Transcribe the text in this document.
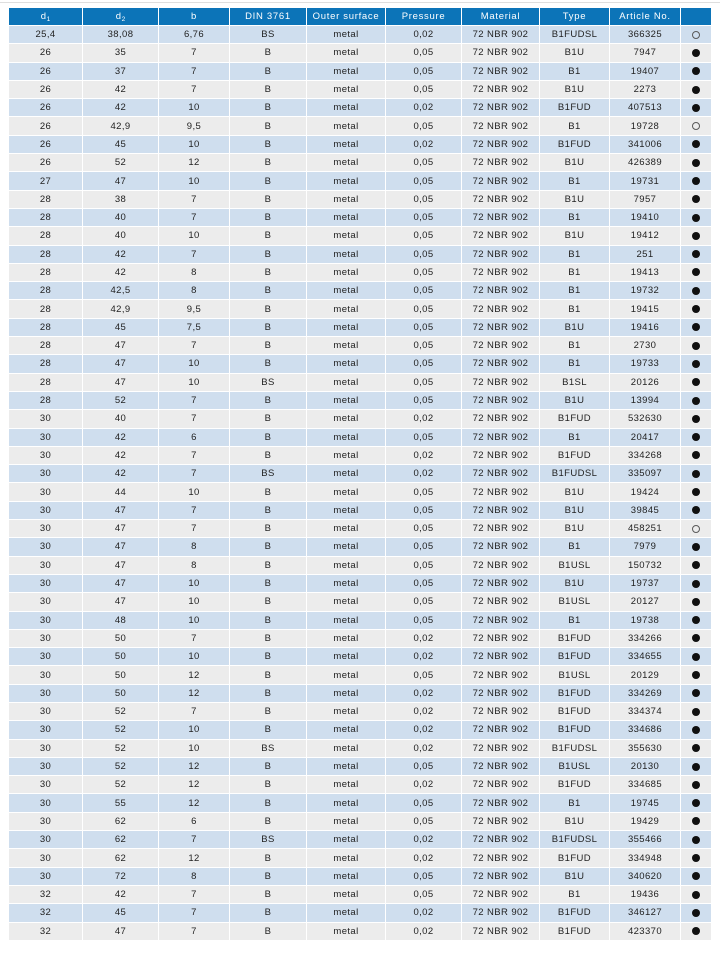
$d_1$	$d_2$	b	DIN 3761	Outer surface	Pressure	Material	Type	Article No.	
25,4	38,08	6,76	BS	metal	0,02	72 NBR 902	B1FUDSL	366325	
26	35	7	B	metal	0,05	72 NBR 902	B1U	7947	
26	37	7	B	metal	0,05	72 NBR 902	B1	19407	
26	42	7	B	metal	0,05	72 NBR 902	B1U	2273	
26	42	10	B	metal	0,02	72 NBR 902	B1FUD	407513	
26	42,9	9,5	B	metal	0,05	72 NBR 902	B1	19728	
26	45	10	B	metal	0,02	72 NBR 902	B1FUD	341006	
26	52	12	B	metal	0,05	72 NBR 902	B1U	426389	
27	47	10	B	metal	0,05	72 NBR 902	B1	19731	
28	38	7	B	metal	0,05	72 NBR 902	B1U	7957	
28	40	7	B	metal	0,05	72 NBR 902	B1	19410	
28	40	10	B	metal	0,05	72 NBR 902	B1U	19412	
28	42	7	B	metal	0,05	72 NBR 902	B1	251	
28	42	8	B	metal	0,05	72 NBR 902	B1	19413	
28	42,5	8	B	metal	0,05	72 NBR 902	B1	19732	
28	42,9	9,5	B	metal	0,05	72 NBR 902	B1	19415	
28	45	7,5	B	metal	0,05	72 NBR 902	B1U	19416	
28	47	7	B	metal	0,05	72 NBR 902	B1	2730	
28	47	10	B	metal	0,05	72 NBR 902	B1	19733	
28	47	10	BS	metal	0,05	72 NBR 902	B1SL	20126	
28	52	7	B	metal	0,05	72 NBR 902	B1U	13994	
30	40	7	B	metal	0,02	72 NBR 902	B1FUD	532630	
30	42	6	B	metal	0,05	72 NBR 902	B1	20417	
30	42	7	B	metal	0,02	72 NBR 902	B1FUD	334268	
30	42	7	BS	metal	0,02	72 NBR 902	B1FUDSL	335097	
30	44	10	B	metal	0,05	72 NBR 902	B1U	19424	
30	47	7	B	metal	0,05	72 NBR 902	B1U	39845	
30	47	7	B	metal	0,05	72 NBR 902	B1U	458251	
30	47	8	B	metal	0,05	72 NBR 902	B1	7979	
30	47	8	B	metal	0,05	72 NBR 902	B1USL	150732	
30	47	10	B	metal	0,05	72 NBR 902	B1U	19737	
30	47	10	B	metal	0,05	72 NBR 902	B1USL	20127	
30	48	10	B	metal	0,05	72 NBR 902	B1	19738	
30	50	7	B	metal	0,02	72 NBR 902	B1FUD	334266	
30	50	10	B	metal	0,02	72 NBR 902	B1FUD	334655	
30	50	12	B	metal	0,05	72 NBR 902	B1USL	20129	
30	50	12	B	metal	0,02	72 NBR 902	B1FUD	334269	
30	52	7	B	metal	0,02	72 NBR 902	B1FUD	334374	
30	52	10	B	metal	0,02	72 NBR 902	B1FUD	334686	
30	52	10	BS	metal	0,02	72 NBR 902	B1FUDSL	355630	
30	52	12	B	metal	0,05	72 NBR 902	B1USL	20130	
30	52	12	B	metal	0,02	72 NBR 902	B1FUD	334685	
30	55	12	B	metal	0,05	72 NBR 902	B1	19745	
30	62	6	B	metal	0,05	72 NBR 902	B1U	19429	
30	62	7	BS	metal	0,02	72 NBR 902	B1FUDSL	355466	
30	62	12	B	metal	0,02	72 NBR 902	B1FUD	334948	
30	72	8	B	metal	0,05	72 NBR 902	B1U	340620	
32	42	7	B	metal	0,05	72 NBR 902	B1	19436	
32	45	7	B	metal	0,02	72 NBR 902	B1FUD	346127	
32	47	7	B	metal	0,02	72 NBR 902	B1FUD	423370	
